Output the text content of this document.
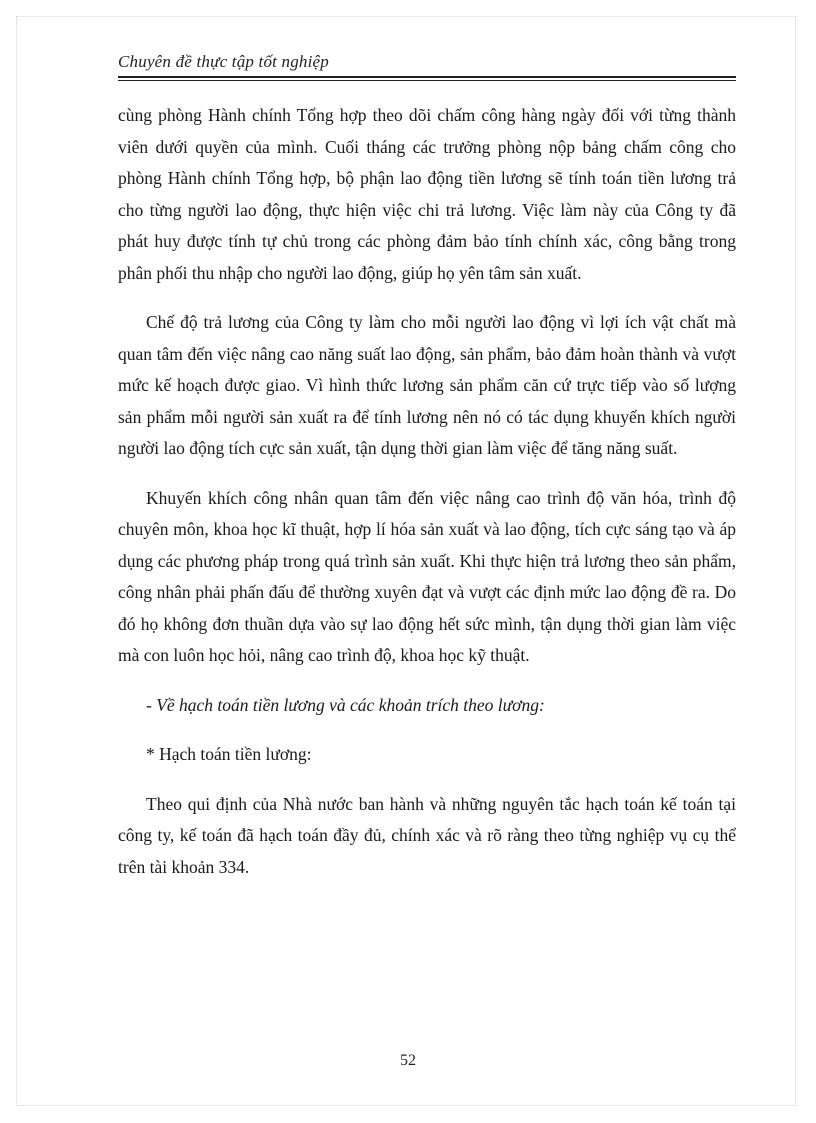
Chuyên đề thực tập tốt nghiệp

cùng phòng Hành chính Tổng hợp theo dõi chấm công hàng ngày đối với từng thành viên dưới quyền của mình. Cuối tháng các trưởng phòng nộp bảng chấm công cho phòng Hành chính Tổng hợp, bộ phận lao động tiền lương sẽ tính toán tiền lương trả cho từng người lao động, thực hiện việc chi trả lương. Việc làm này của Công ty đã phát huy được tính tự chủ trong các phòng đảm bảo tính chính xác, công bằng trong phân phối thu nhập cho người lao động, giúp họ yên tâm sản xuất.

Chế độ trả lương của Công ty làm cho mỗi người lao động vì lợi ích vật chất mà quan tâm đến việc nâng cao năng suất lao động, sản phẩm, bảo đảm hoàn thành và vượt mức kế hoạch được giao. Vì hình thức lương sản phẩm căn cứ trực tiếp vào số lượng sản phẩm mỗi người sản xuất ra để tính lương nên nó có tác dụng khuyến khích người người lao động tích cực sản xuất, tận dụng thời gian làm việc để tăng năng suất.

Khuyến khích công nhân quan tâm đến việc nâng cao trình độ văn hóa, trình độ chuyên môn, khoa học kĩ thuật, hợp lí hóa sản xuất và lao động, tích cực sáng tạo và áp dụng các phương pháp trong quá trình sản xuất. Khi thực hiện trả lương theo sản phẩm, công nhân phải phấn đấu để thường xuyên đạt và vượt các định mức lao động đề ra. Do đó họ không đơn thuần dựa vào sự lao động hết sức mình, tận dụng thời gian làm việc mà con luôn học hỏi, nâng cao trình độ, khoa học kỹ thuật.

- Về hạch toán tiền lương và các khoản trích theo lương:

* Hạch toán tiền lương:

Theo qui định của Nhà nước ban hành và những nguyên tắc hạch toán kế toán tại công ty, kế toán đã hạch toán đầy đủ, chính xác và rõ ràng theo từng nghiệp vụ cụ thể trên tài khoản 334.

52
